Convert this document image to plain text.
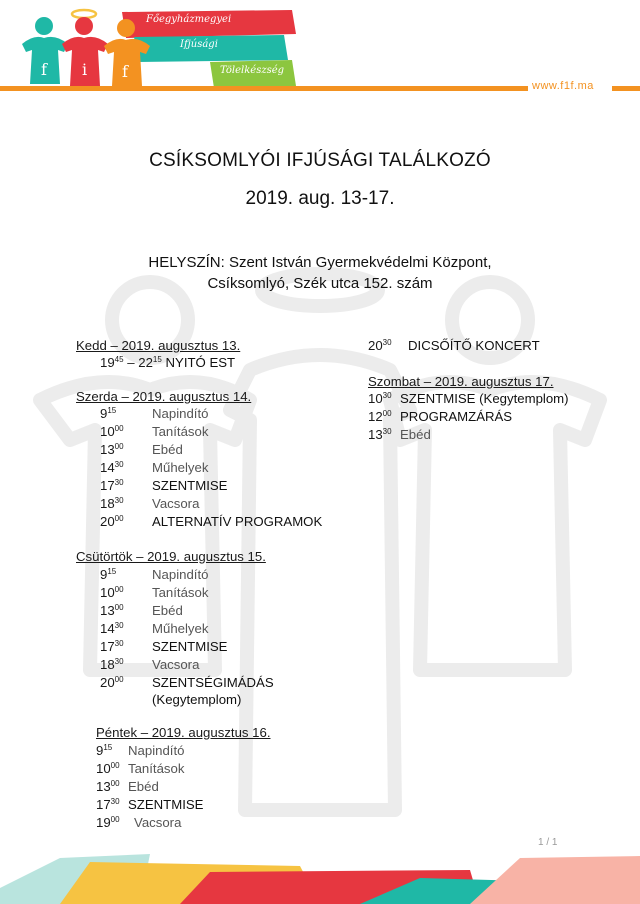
Főegyházmegyei
Ifjúsági
Tölelkészség
f i f
www.f1f.ma
CSÍKSOMLYÓI IFJÚSÁGI TALÁLKOZÓ
2019. aug. 13-17.
HELYSZÍN: Szent István Gyermekvédelmi Központ,
Csíksomlyó, Szék utca 152. szám
Kedd – 2019. augusztus 13.
$19^{45} - 22^{15}$ NYITÓ EST
$20^{30}$ DICSŐÍTŐ KONCERT
Szerda – 2019. augusztus 14.
$9^{15}$	Napindító
$10^{00}$ Tanítások
$13^{00}$ Ebéd
$14^{30}$ Műhelyek
$17^{30}$ SZENTMISE
$18^{30}$ Vacsora
$20^{00}$ ALTERNATÍV PROGRAMOK
Csütörtök – 2019. augusztus 15.
$9^{15}$	Napindító
$10^{00}$ Tanítások
$13^{00}$ Ebéd
$14^{30}$ Műhelyek
$17^{30}$ SZENTMISE
$18^{30}$ Vacsora
$20^{00}$ SZENTSÉGIMÁDÁS
(Kegytemplom)
Péntek – 2019. augusztus 16.
$9^{15}$ Napindító
$10^{00}$ Tanítások
$13^{00}$ Ebéd
$17^{30}$ SZENTMISE
$19^{00}$ Vacsora
Szombat – 2019. augusztus 17.
$10^{30}$ SZENTMISE (Kegytemplom)
$12^{00}$ PROGRAMZÁRÁS
$13^{30}$ Ebéd
1 / 1
